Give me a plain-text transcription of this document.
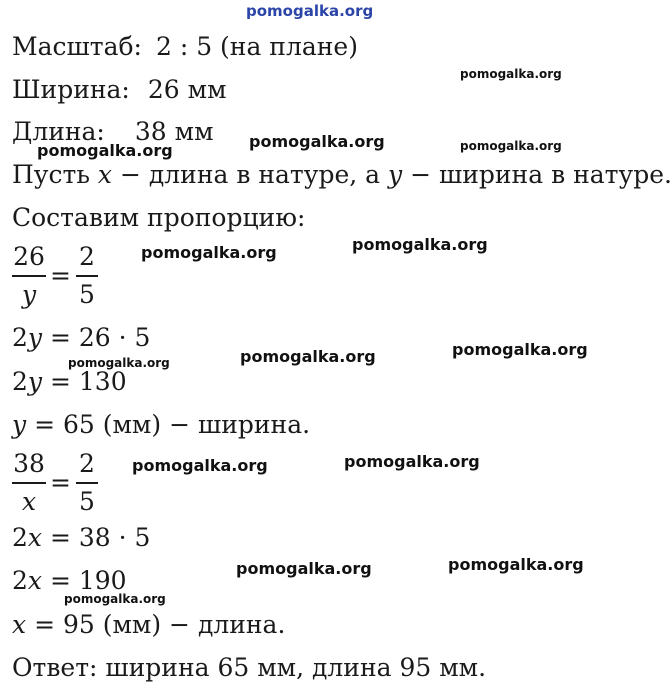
pomogalka.org
Масштаб: 2 : 5 (на плане)
Ширина: 26 мм
Длина: 38 мм
Пусть x − длина в натуре, а y − ширина в натуре.
Составим пропорцию:
26
y
=
2
5
2y = 26 · 5
2y = 130
y = 65 (мм) − ширина.
38
x
=
2
5
2x = 38 · 5
2x = 190
x = 95 (мм) − длина.
Ответ: ширина 65 мм, длина 95 мм.
pomogalka.org
pomogalka.org
pomogalka.org	pomogalka.org
pomogalka.org
pomogalka.org
pomogalka.org
pomogalka.org
pomogalka.org
pomogalka.org
pomogalka.org
pomogalka.org
pomogalka.org
pomogalka.org
